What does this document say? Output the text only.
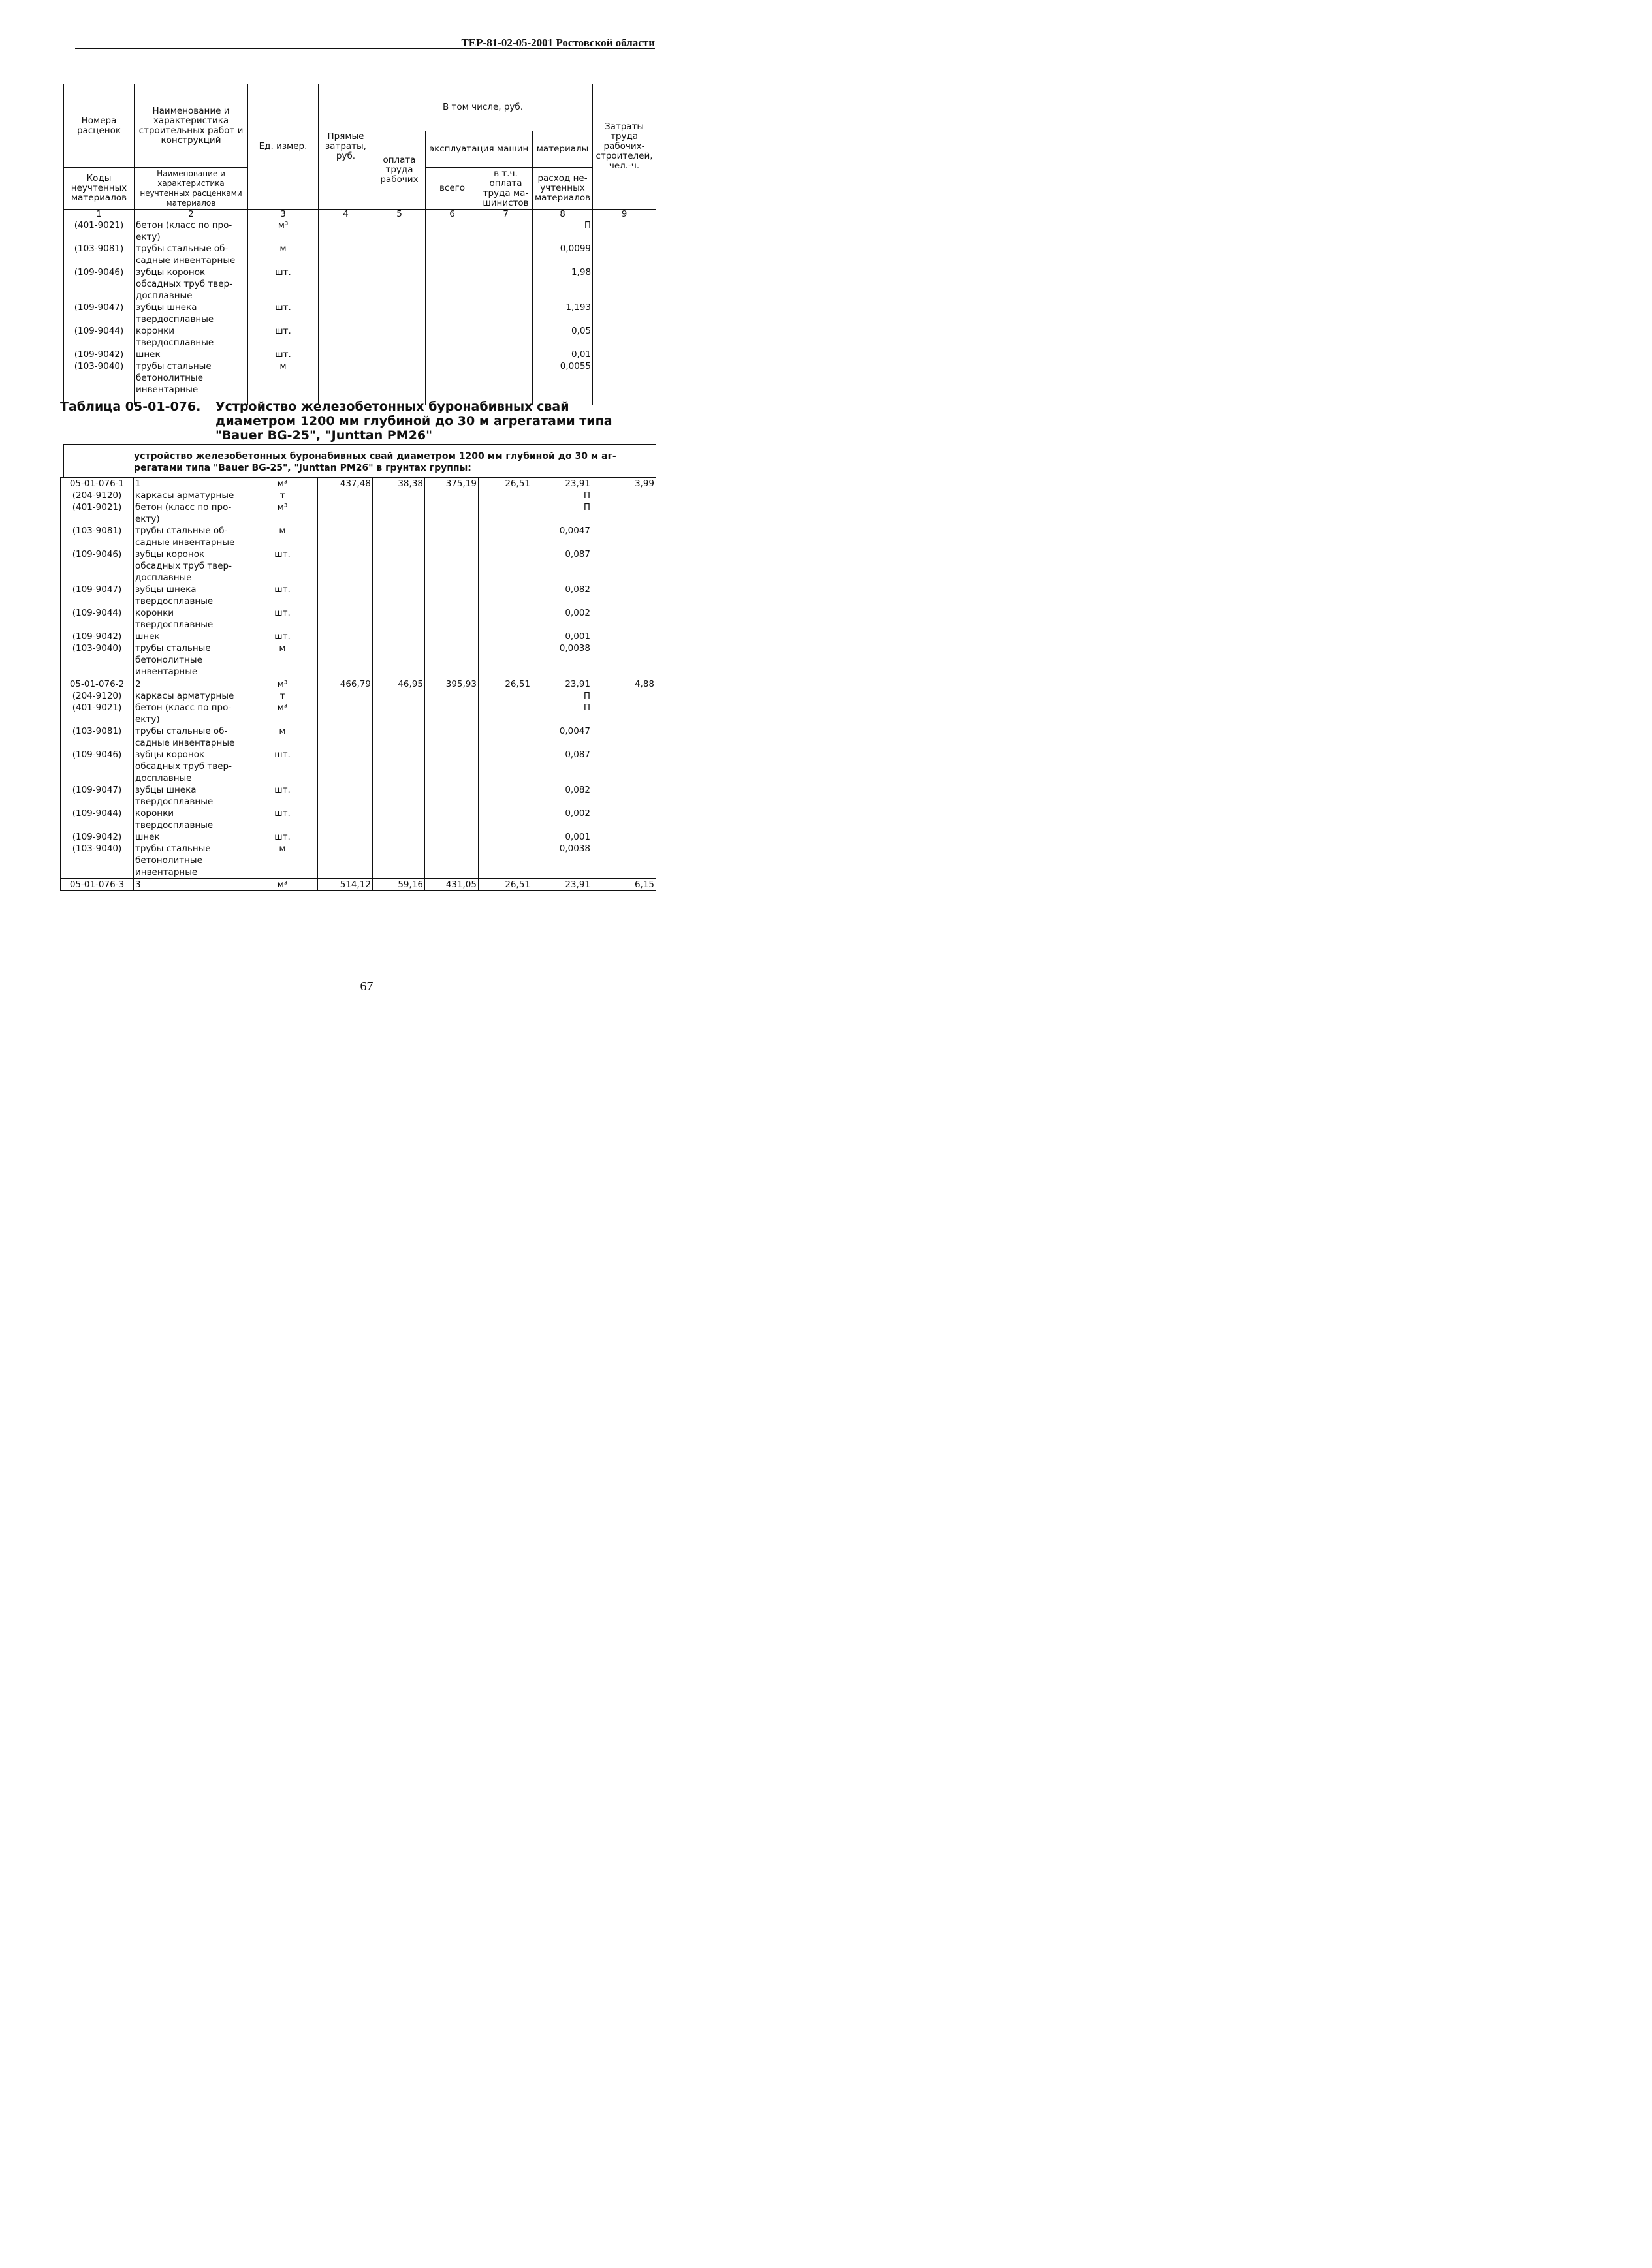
ТЕР-81-02-05-2001 Ростовской области
Номера расценок	Наименование и характеристика строительных работ и конструкций	Ед. измер.	Прямые затраты, руб.	В том числе, руб.				Затраты труда рабочих-строителей, чел.-ч.
				оплата труда рабочих	эксплуатация машин		материалы	
Коды неучтенных материалов	Наименование и характеристика неучтенных расценками материалов				всего	в т.ч. оплата труда ма-шинистов	расход не-учтенных материалов	

1	2	3	4	5	6	7	8	9
(401-9021)	бетон (класс по про-екту)	м³					П	
(103-9081)	трубы стальные об-садные инвентарные	м					0,0099	
(109-9046)	зубцы коронок обсадных труб твер-досплавные	шт.					1,98	
(109-9047)	зубцы шнека твердосплавные	шт.					1,193	
(109-9044)	коронки твердосплавные	шт.					0,05	
(109-9042)	шнек	шт.					0,01	
(103-9040)	трубы стальные бетонолитные инвентарные	м					0,0055	

Таблица 05-01-076. Устройство железобетонных буронабивных свай диаметром 1200 мм глубиной до 30 м агрегатами типа "Bauer BG-25", "Junttan PM26"
устройство железобетонных буронабивных свай диаметром 1200 мм глубиной до 30 м аг-регатами типа "Bauer BG-25", "Junttan PM26" в грунтах группы:
05-01-076-1	1	м³	437,48	38,38	375,19	26,51	23,91	3,99
(204-9120)	каркасы арматурные	т					П	
(401-9021)	бетон (класс по про-екту)	м³					П	
(103-9081)	трубы стальные об-садные инвентарные	м					0,0047	
(109-9046)	зубцы коронок обсадных труб твер-досплавные	шт.					0,087	
(109-9047)	зубцы шнека твердосплавные	шт.					0,082	
(109-9044)	коронки твердосплавные	шт.					0,002	
(109-9042)	шнек	шт.					0,001	
(103-9040)	трубы стальные бетонолитные инвентарные	м					0,0038	
05-01-076-2	2	м³	466,79	46,95	395,93	26,51	23,91	4,88
(204-9120)	каркасы арматурные	т					П	
(401-9021)	бетон (класс по про-екту)	м³					П	
(103-9081)	трубы стальные об-садные инвентарные	м					0,0047	
(109-9046)	зубцы коронок обсадных труб твер-досплавные	шт.					0,087	
(109-9047)	зубцы шнека твердосплавные	шт.					0,082	
(109-9044)	коронки твердосплавные	шт.					0,002	
(109-9042)	шнек	шт.					0,001	
(103-9040)	трубы стальные бетонолитные инвентарные	м					0,0038	
05-01-076-3	3	м³	514,12	59,16	431,05	26,51	23,91	6,15
67
